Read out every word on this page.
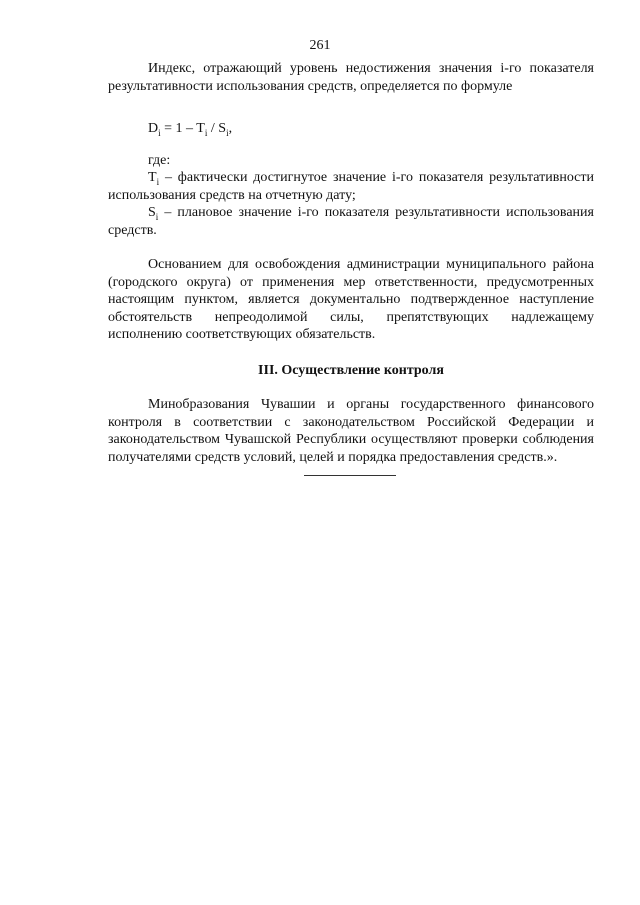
261

Индекс, отражающий уровень недостижения значения i-го показателя результативности использования средств, определяется по формуле

$D_i = 1 - T_i / S_i$,

где:

$T_i$ – фактически достигнутое значение i-го показателя результативности использования средств на отчетную дату;

$S_i$ – плановое значение i-го показателя результативности использования средств.

Основанием для освобождения администрации муниципального района (городского округа) от применения мер ответственности, предусмотренных настоящим пунктом, является документально подтвержденное наступление обстоятельств непреодолимой силы, препятствующих надлежащему исполнению соответствующих обязательств.

III. Осуществление контроля

Минобразования Чувашии и органы государственного финансового контроля в соответствии с законодательством Российской Федерации и законодательством Чувашской Республики осуществляют проверки соблюдения получателями средств условий, целей и порядка предоставления средств.».
